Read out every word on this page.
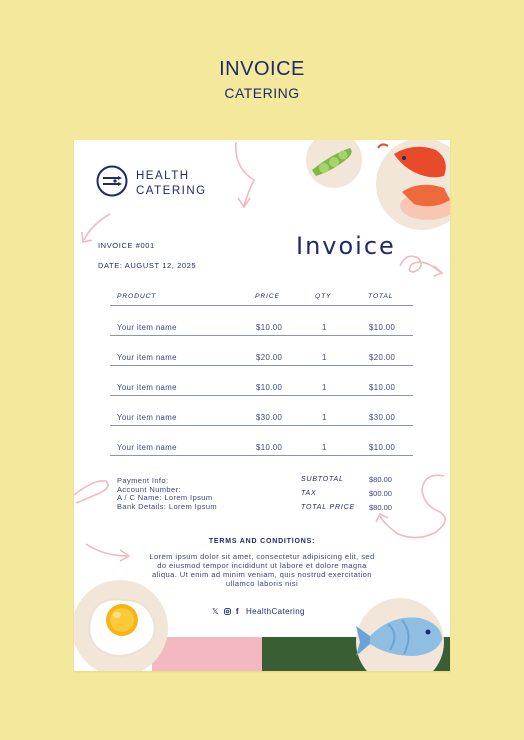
INVOICE
CATERING
HEALTH
CATERING
INVOICE #001
DATE: AUGUST 12, 2025
Invoice
PRODUCT	PRICE	QTY	TOTAL
Your item name	$10.00	1	$10.00
Your item name	$20.00	1	$20.00
Your item name	$10.00	1	$10.00
Your item name	$30.00	1	$30.00
Your item name	$10.00	1	$10.00
Payment Info:
Account Number:
A / C Name: Lorem Ipsum
Bank Details: Lorem Ipsum
SUBTOTAL	$80.00
TAX	$00.00
TOTAL PRICE $80.00
TERMS AND CONDITIONS:
Lorem ipsum dolor sit amet, consectetur adipisicing elit, sed do eiusmod tempor incididunt ut labore et dolore magna aliqua. Ut enim ad minim veniam, quis nostrud exercitation ullamco laboris nisi
𝕏 f HealthCatering
